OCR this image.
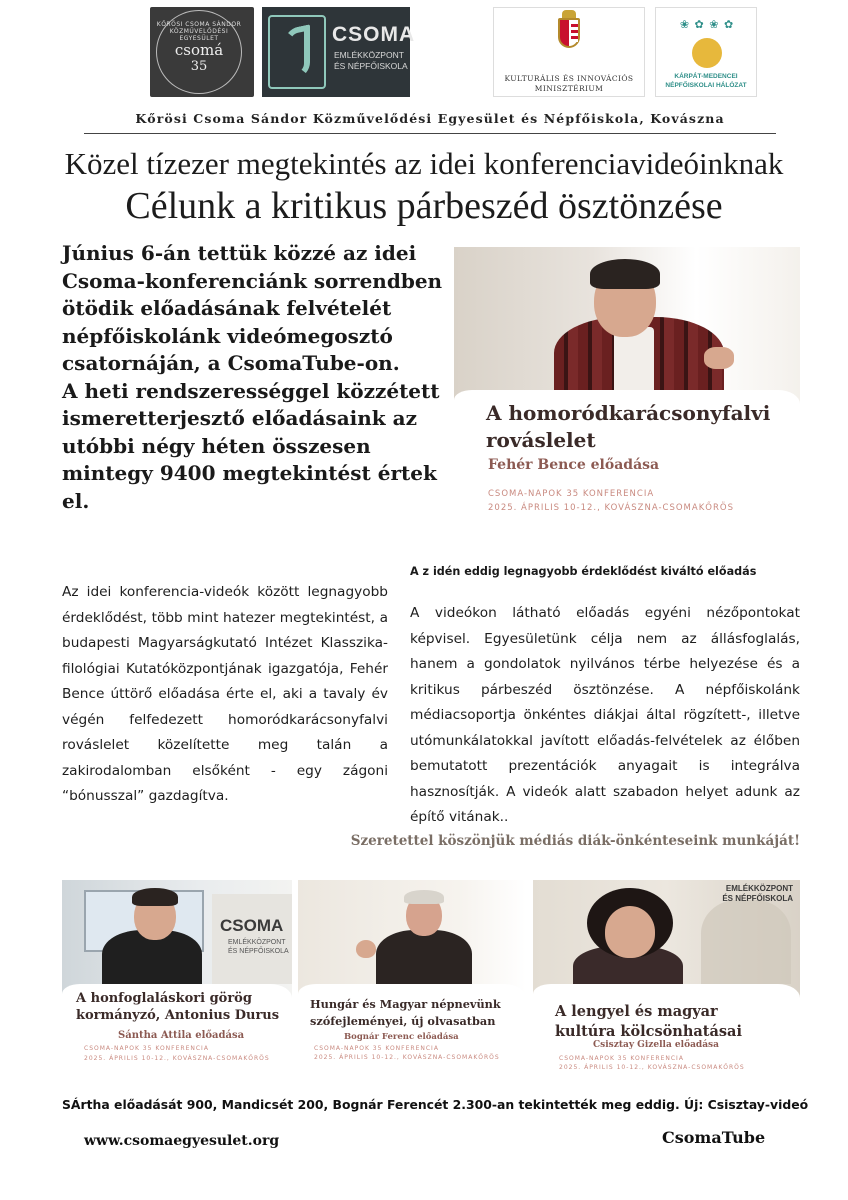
KŐRÖSI CSOMA SÁNDOR KÖZMŰVELŐDÉSI EGYESÜLET
csomá
35
CSOMA
EMLÉKKÖZPONT
ÉS NÉPFŐISKOLA
KULTURÁLIS ÉS INNOVÁCIÓS
MINISZTÉRIUM
❀ ✿ ❀ ✿
KÁRPÁT-MEDENCEI
NÉPFŐISKOLAI HÁLÓZAT
Kőrösi Csoma Sándor Közművelődési Egyesület és Népfőiskola, Kovászna
Közel tízezer megtekintés az idei konferenciavideóinknak
Célunk a kritikus párbeszéd ösztönzése

Június 6-án tettük közzé az idei Csoma-konferenciánk sorrendben ötödik előadásának felvételét népfőiskolánk videómegosztó csatornáján, a CsomaTube-on.

A heti rendszerességgel közzétett ismeretterjesztő előadásaink az utóbbi négy héten összesen mintegy 9400 megtekintést értek el.

A homoródkarácsonyfalvi
rováslelet
Fehér Bence előadása
CSOMA-NAPOK 35 KONFERENCIA
2025. ÁPRILIS 10-12., KOVÁSZNA-CSOMAKŐRÖS
A z idén eddig legnagyobb érdeklődést kiváltó előadás
Az idei konferencia-videók között legnagyobb érdeklődést, több mint hatezer megtekintést, a budapesti Magyarságkutató Intézet Klasszika-filológiai Kutatóközpontjának igazgatója, Fehér Bence úttörő előadása érte el, aki a tavaly év végén felfedezett homoródkarácsonyfalvi rováslelet közelítette meg talán a zakirodalomban elsőként - egy zágoni “bónusszal” gazdagítva.
A videókon látható előadás egyéni nézőpontokat képvisel. Egyesületünk célja nem az állásfoglalás, hanem a gondolatok nyilvános térbe helyezése és a kritikus párbeszéd ösztönzése. A népfőiskolánk médiacsoportja önkéntes diákjai által rögzített-, illetve utómunkálatokkal javított előadás-felvételek az élőben bemutatott prezentációk anyagait is integrálva hasznosítják. A videók alatt szabadon helyet adunk az építő vitának..
Szeretettel köszönjük médiás diák-önkénteseink munkáját!
CSOMA
EMLÉKKÖZPONT
ÉS NÉPFŐISKOLA
A honfoglaláskori görög
kormányzó, Antonius Durus
Sántha Attila előadása
CSOMA-NAPOK 35 KONFERENCIA
2025. ÁPRILIS 10-12., KOVÁSZNA-CSOMAKŐRÖS
Hungár és Magyar népnevünk
szófejleményei, új olvasatban
Bognár Ferenc előadása
CSOMA-NAPOK 35 KONFERENCIA
2025. ÁPRILIS 10-12., KOVÁSZNA-CSOMAKŐRÖS
EMLÉKKÖZPONT
ÉS NÉPFŐISKOLA
A lengyel és magyar
kultúra kölcsönhatásai
Csisztay Gizella előadása
CSOMA-NAPOK 35 KONFERENCIA
2025. ÁPRILIS 10-12., KOVÁSZNA-CSOMAKŐRÖS
SÁrtha előadását 900, Mandicsét 200, Bognár Ferencét 2.300-an tekintették meg eddig. Új: Csisztay-videó
www.csomaegyesulet.org	CsomaTube
